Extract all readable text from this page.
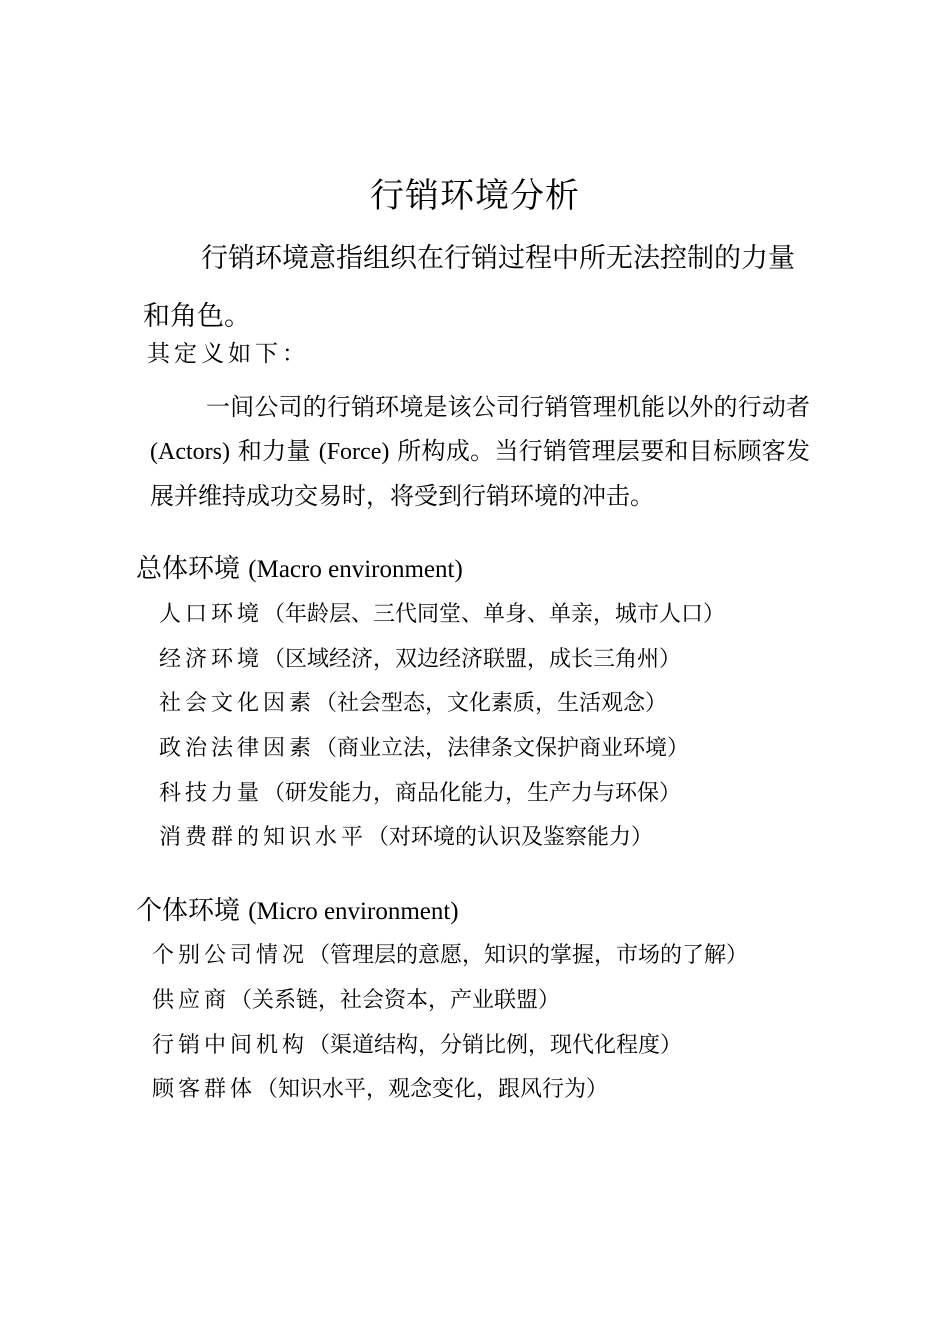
行销环境分析
行销环境意指组织在行销过程中所无法控制的力量和角色。
其定义如下：
一间公司的行销环境是该公司行销管理机能以外的行动者 (Actors) 和力量 (Force) 所构成。当行销管理层要和目标顾客发展并维持成功交易时，将受到行销环境的冲击。
总体环境 (Macro environment)
人口环境（年龄层、三代同堂、单身、单亲，城市人口）
经济环境（区域经济，双边经济联盟，成长三角州）
社会文化因素（社会型态，文化素质，生活观念）
政治法律因素（商业立法，法律条文保护商业环境）
科技力量（研发能力，商品化能力，生产力与环保）
消费群的知识水平（对环境的认识及鉴察能力）
个体环境 (Micro environment)
个别公司情况（管理层的意愿，知识的掌握，市场的了解）
供应商（关系链，社会资本，产业联盟）
行销中间机构（渠道结构，分销比例，现代化程度）
顾客群体（知识水平，观念变化，跟风行为）
